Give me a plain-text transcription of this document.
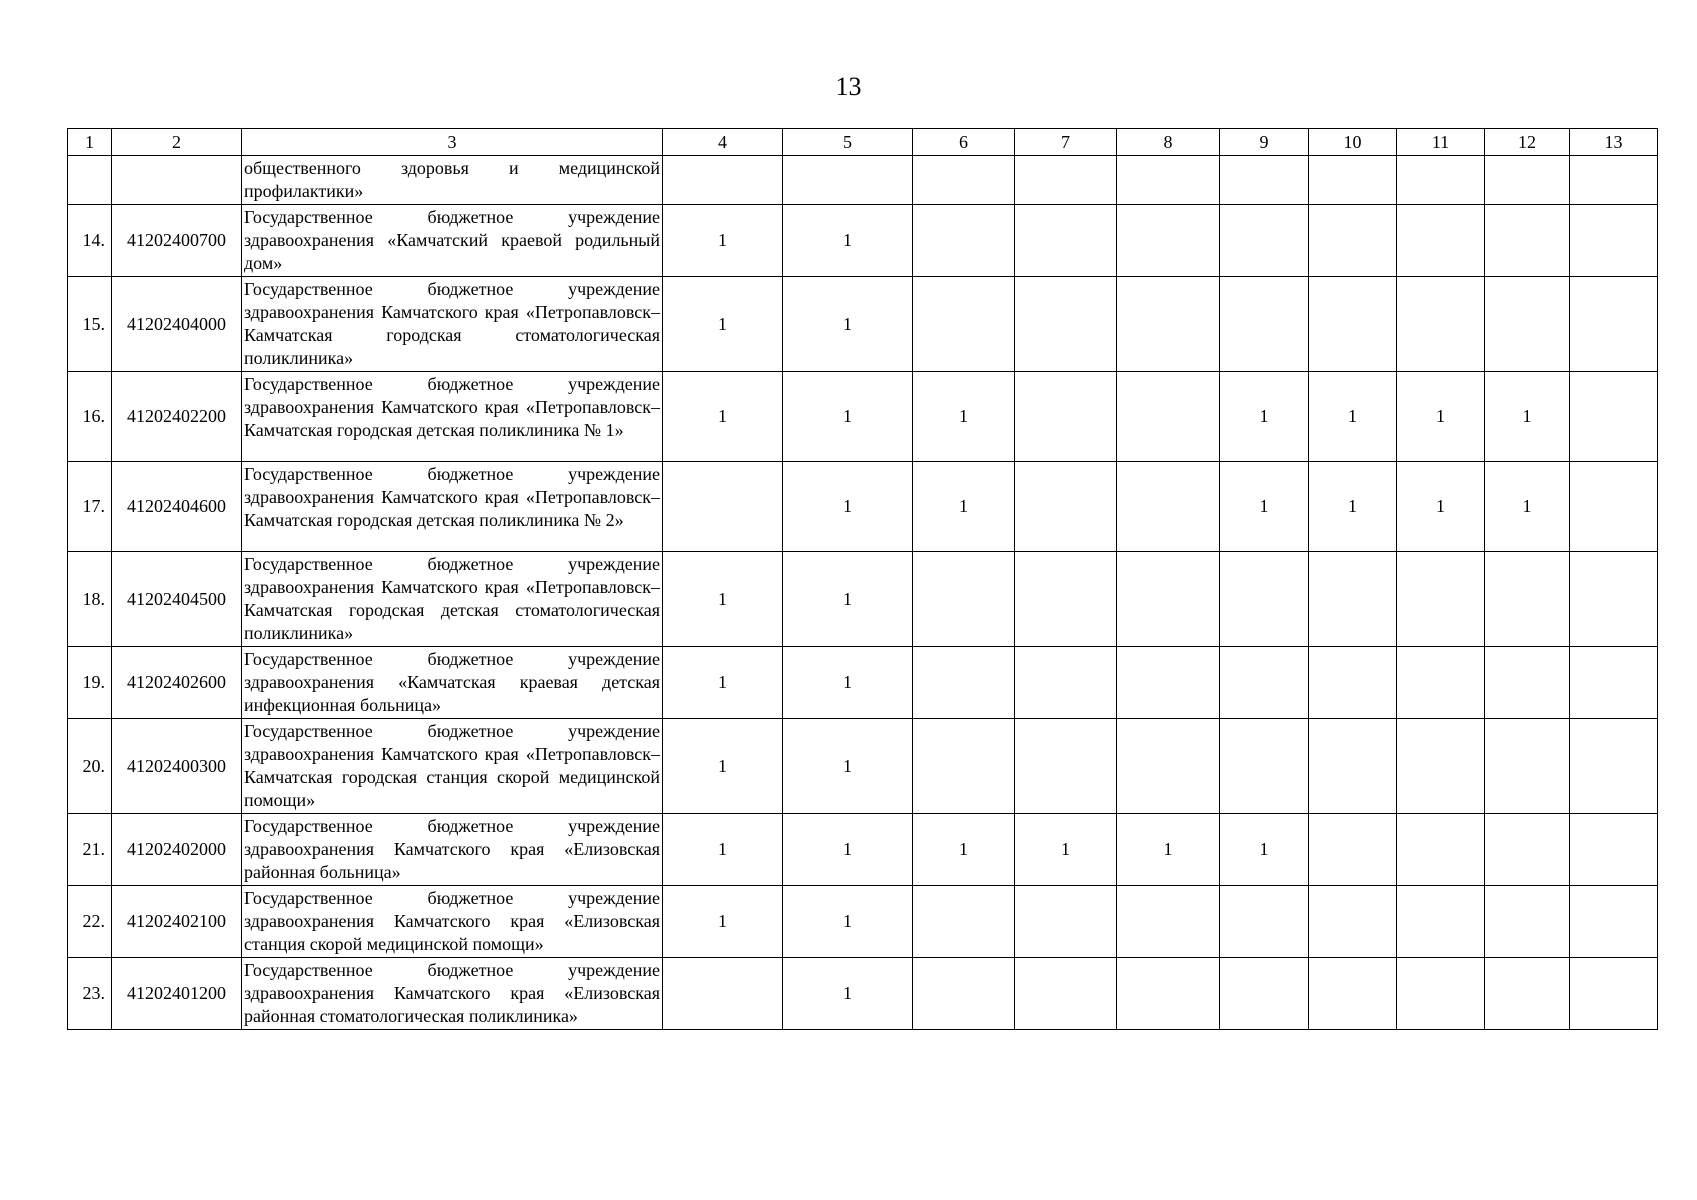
13
1	2	3	4	5	6	7	8	9	10	11	12	13
		общественного здоровья и медицинской профилактики»										
14.	41202400700	Государственное бюджетное учреждение здравоохранения «Камчатский краевой родильный дом»	1	1								
15.	41202404000	Государственное бюджетное учреждение здравоохранения Камчатского края «Петропавловск–Камчатская городская стоматологическая поликлиника»	1	1								
16.	41202402200	Государственное бюджетное учреждение здравоохранения Камчатского края «Петропавловск–Камчатская городская детская поликлиника № 1»	1	1	1			1	1	1	1	
17.	41202404600	Государственное бюджетное учреждение здравоохранения Камчатского края «Петропавловск–Камчатская городская детская поликлиника № 2»		1	1			1	1	1	1	
18.	41202404500	Государственное бюджетное учреждение здравоохранения Камчатского края «Петропавловск–Камчатская городская детская стоматологическая поликлиника»	1	1								
19.	41202402600	Государственное бюджетное учреждение здравоохранения «Камчатская краевая детская инфекционная больница»	1	1								
20.	41202400300	Государственное бюджетное учреждение здравоохранения Камчатского края «Петропавловск–Камчатская городская станция скорой медицинской помощи»	1	1								
21.	41202402000	Государственное бюджетное учреждение здравоохранения Камчатского края «Елизовская районная больница»	1	1	1	1	1	1				
22.	41202402100	Государственное бюджетное учреждение здравоохранения Камчатского края «Елизовская станция скорой медицинской помощи»	1	1								
23.	41202401200	Государственное бюджетное учреждение здравоохранения Камчатского края «Елизовская районная стоматологическая поликлиника»		1								
